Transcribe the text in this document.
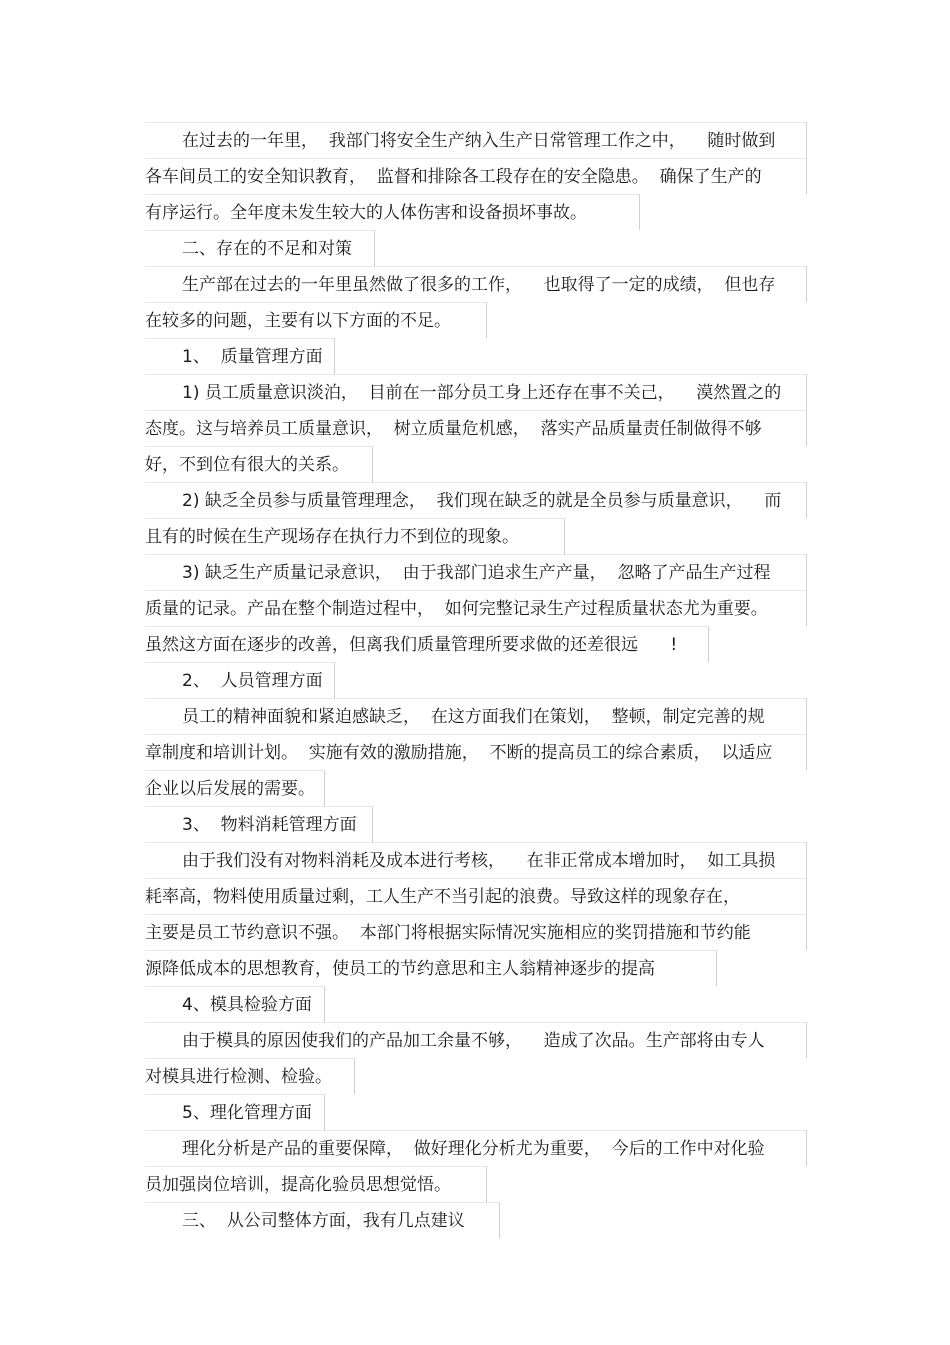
在过去的一年里，  我部门将安全生产纳入生产日常管理工作之中，    随时做到
各车间员工的安全知识教育，  监督和排除各工段存在的安全隐患。  确保了生产的
有序运行。全年度未发生较大的人体伤害和设备损坏事故。
二、存在的不足和对策
生产部在过去的一年里虽然做了很多的工作，    也取得了一定的成绩，  但也存
在较多的问题，主要有以下方面的不足。
1、  质量管理方面
1) 员工质量意识淡泊，  目前在一部分员工身上还存在事不关己，    漠然置之的
态度。这与培养员工质量意识，  树立质量危机感，  落实产品质量责任制做得不够
好，不到位有很大的关系。
2) 缺乏全员参与质量管理理念，  我们现在缺乏的就是全员参与质量意识，    而
且有的时候在生产现场存在执行力不到位的现象。
3) 缺乏生产质量记录意识，  由于我部门追求生产产量，  忽略了产品生产过程
质量的记录。产品在整个制造过程中，  如何完整记录生产过程质量状态尤为重要。
虽然这方面在逐步的改善，但离我们质量管理所要求做的还差很远      !
2、  人员管理方面
员工的精神面貌和紧迫感缺乏，  在这方面我们在策划，  整顿，制定完善的规
章制度和培训计划。  实施有效的激励措施，  不断的提高员工的综合素质，  以适应
企业以后发展的需要。
3、  物料消耗管理方面
由于我们没有对物料消耗及成本进行考核，    在非正常成本增加时，  如工具损
耗率高，物料使用质量过剩，工人生产不当引起的浪费。导致这样的现象存在，
主要是员工节约意识不强。  本部门将根据实际情况实施相应的奖罚措施和节约能
源降低成本的思想教育，使员工的节约意思和主人翁精神逐步的提高
4、模具检验方面
由于模具的原因使我们的产品加工余量不够，    造成了次品。生产部将由专人
对模具进行检测、检验。
5、理化管理方面
理化分析是产品的重要保障，  做好理化分析尤为重要，  今后的工作中对化验
员加强岗位培训，提高化验员思想觉悟。
三、  从公司整体方面，我有几点建议
